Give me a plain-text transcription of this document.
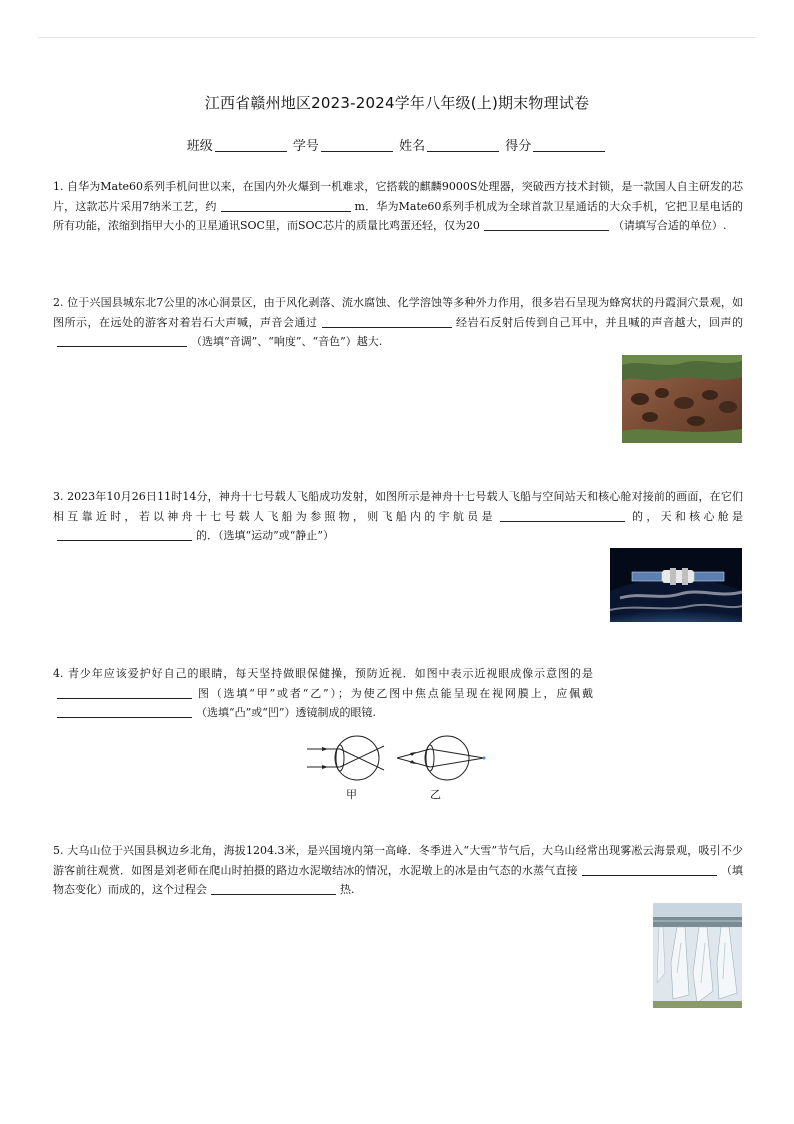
江西省赣州地区2023-2024学年八年级(上)期末物理试卷
班级	学号	姓名	得分
1. 自华为Mate60系列手机问世以来，在国内外火爆到一机难求，它搭载的麒麟9000S处理器，突破西方技术封锁，是一款国人自主研发的芯片，这款芯片采用7纳米工艺，约	m．华为Mate60系列手机成为全球首款卫星通话的大众手机，它把卫星电话的所有功能，浓缩到指甲大小的卫星通讯SOC里，而SOC芯片的质量比鸡蛋还轻，仅为20	（请填写合适的单位）.
2. 位于兴国县城东北7公里的冰心洞景区，由于风化剥落、流水腐蚀、化学溶蚀等多种外力作用，很多岩石呈现为蜂窝状的丹霞洞穴景观，如图所示，在远处的游客对着岩石大声喊，声音会通过	经岩石反射后传到自己耳中，并且喊的声音越大，回声的（选填“音调”、“响度”、“音色”）越大.
3. 2023年10月26日11时14分，神舟十七号载人飞船成功发射，如图所示是神舟十七号载人飞船与空间站天和核心舱对接前的画面，在它们相互靠近时，若以神舟十七号载人飞船为参照物，则飞船内的宇航员是	的，天和核心舱是的．（选填“运动”或“静止”）
4. 青少年应该爱护好自己的眼睛，每天坚持做眼保健操，预防近视．如图中表示近视眼成像示意图的是图（选填“甲”或者“乙”）；为使乙图中焦点能呈现在视网膜上，应佩戴（选填“凸”或“凹”）透镜制成的眼镜.
甲	乙
5. 大乌山位于兴国县枫边乡北角，海拔1204.3米，是兴国境内第一高峰．冬季进入“大雪”节气后，大乌山经常出现雾凇云海景观，吸引不少游客前往观赏．如图是刘老师在爬山时拍摄的路边水泥墩结冰的情况，水泥墩上的冰是由气态的水蒸气直接	（填物态变化）而成的，这个过程会	热.
